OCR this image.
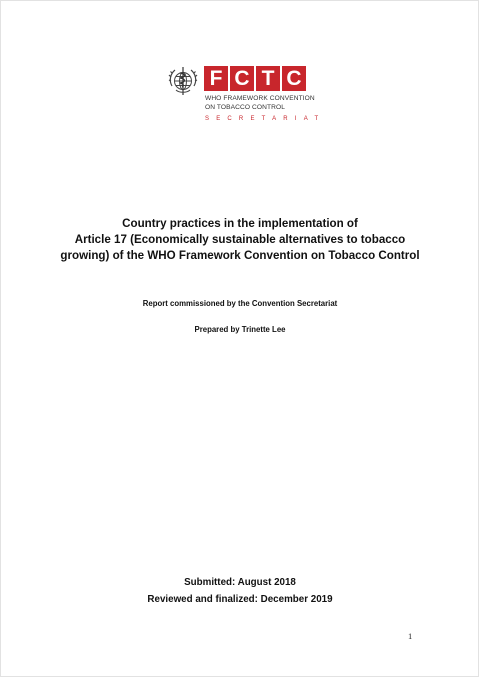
F C T C
WHO FRAMEWORK CONVENTION
ON TOBACCO CONTROL
SECRETARIAT
Country practices in the implementation of
Article 17 (Economically sustainable alternatives to tobacco
growing) of the WHO Framework Convention on Tobacco Control
Report commissioned by the Convention Secretariat
Prepared by Trinette Lee
Submitted: August 2018
Reviewed and finalized: December 2019
1
